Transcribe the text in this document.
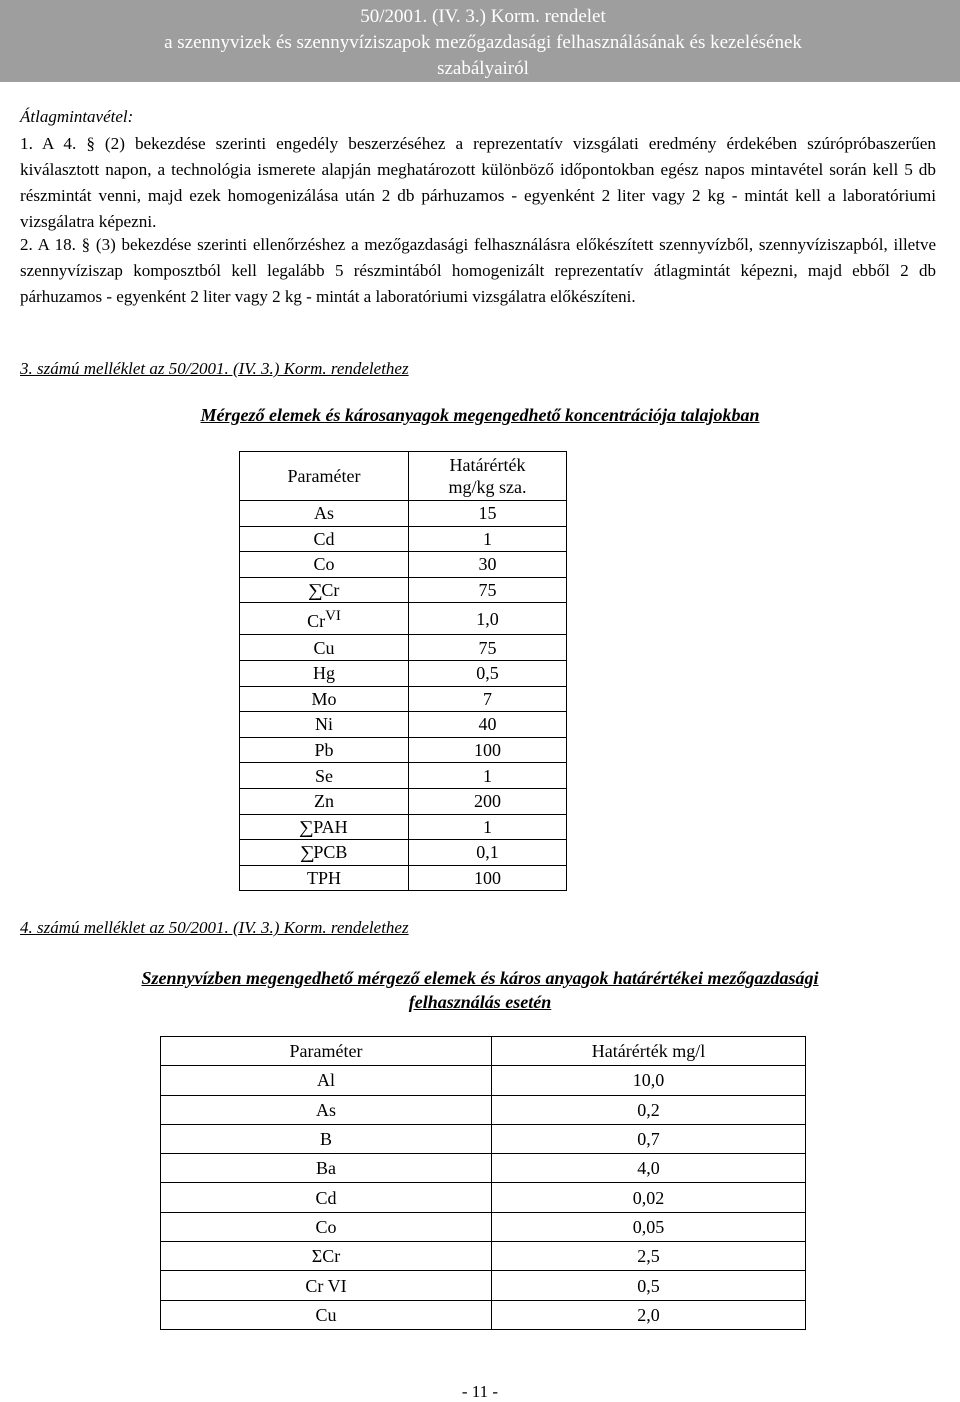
50/2001. (IV. 3.) Korm. rendelet
a szennyvizek és szennyvíziszapok mezőgazdasági felhasználásának és kezelésének
szabályairól
Átlagmintavétel:
1. A 4. § (2) bekezdése szerinti engedély beszerzéséhez a reprezentatív vizsgálati eredmény érdekében szúrópróbaszerűen kiválasztott napon, a technológia ismerete alapján meghatározott különböző időpontokban egész napos mintavétel során kell 5 db részmintát venni, majd ezek homogenizálása után 2 db párhuzamos - egyenként 2 liter vagy 2 kg - mintát kell a laboratóriumi vizsgálatra képezni.
2. A 18. § (3) bekezdése szerinti ellenőrzéshez a mezőgazdasági felhasználásra előkészített szennyvízből, szennyvíziszapból, illetve szennyvíziszap komposztból kell legalább 5 részmintából homogenizált reprezentatív átlagmintát képezni, majd ebből 2 db párhuzamos - egyenként 2 liter vagy 2 kg - mintát a laboratóriumi vizsgálatra előkészíteni.
3. számú melléklet az 50/2001. (IV. 3.) Korm. rendelethez
Mérgező elemek és károsanyagok megengedhető koncentrációja talajokban
Paraméter	Határérték
mg/kg sza.

As	15
Cd	1
Co	30
∑Cr	75
$Cr^{VI}$	1,0
Cu	75
Hg	0,5
Mo	7
Ni	40
Pb	100
Se	1
Zn	200
∑PAH	1
∑PCB	0,1
TPH	100
4. számú melléklet az 50/2001. (IV. 3.) Korm. rendelethez
Szennyvízben megengedhető mérgező elemek és káros anyagok határértékei mezőgazdasági
felhasználás esetén
Paraméter	Határérték mg/l
Al	10,0
As	0,2
B	0,7
Ba	4,0
Cd	0,02
Co	0,05
ΣCr	2,5
Cr VI	0,5
Cu	2,0
- 11 -
